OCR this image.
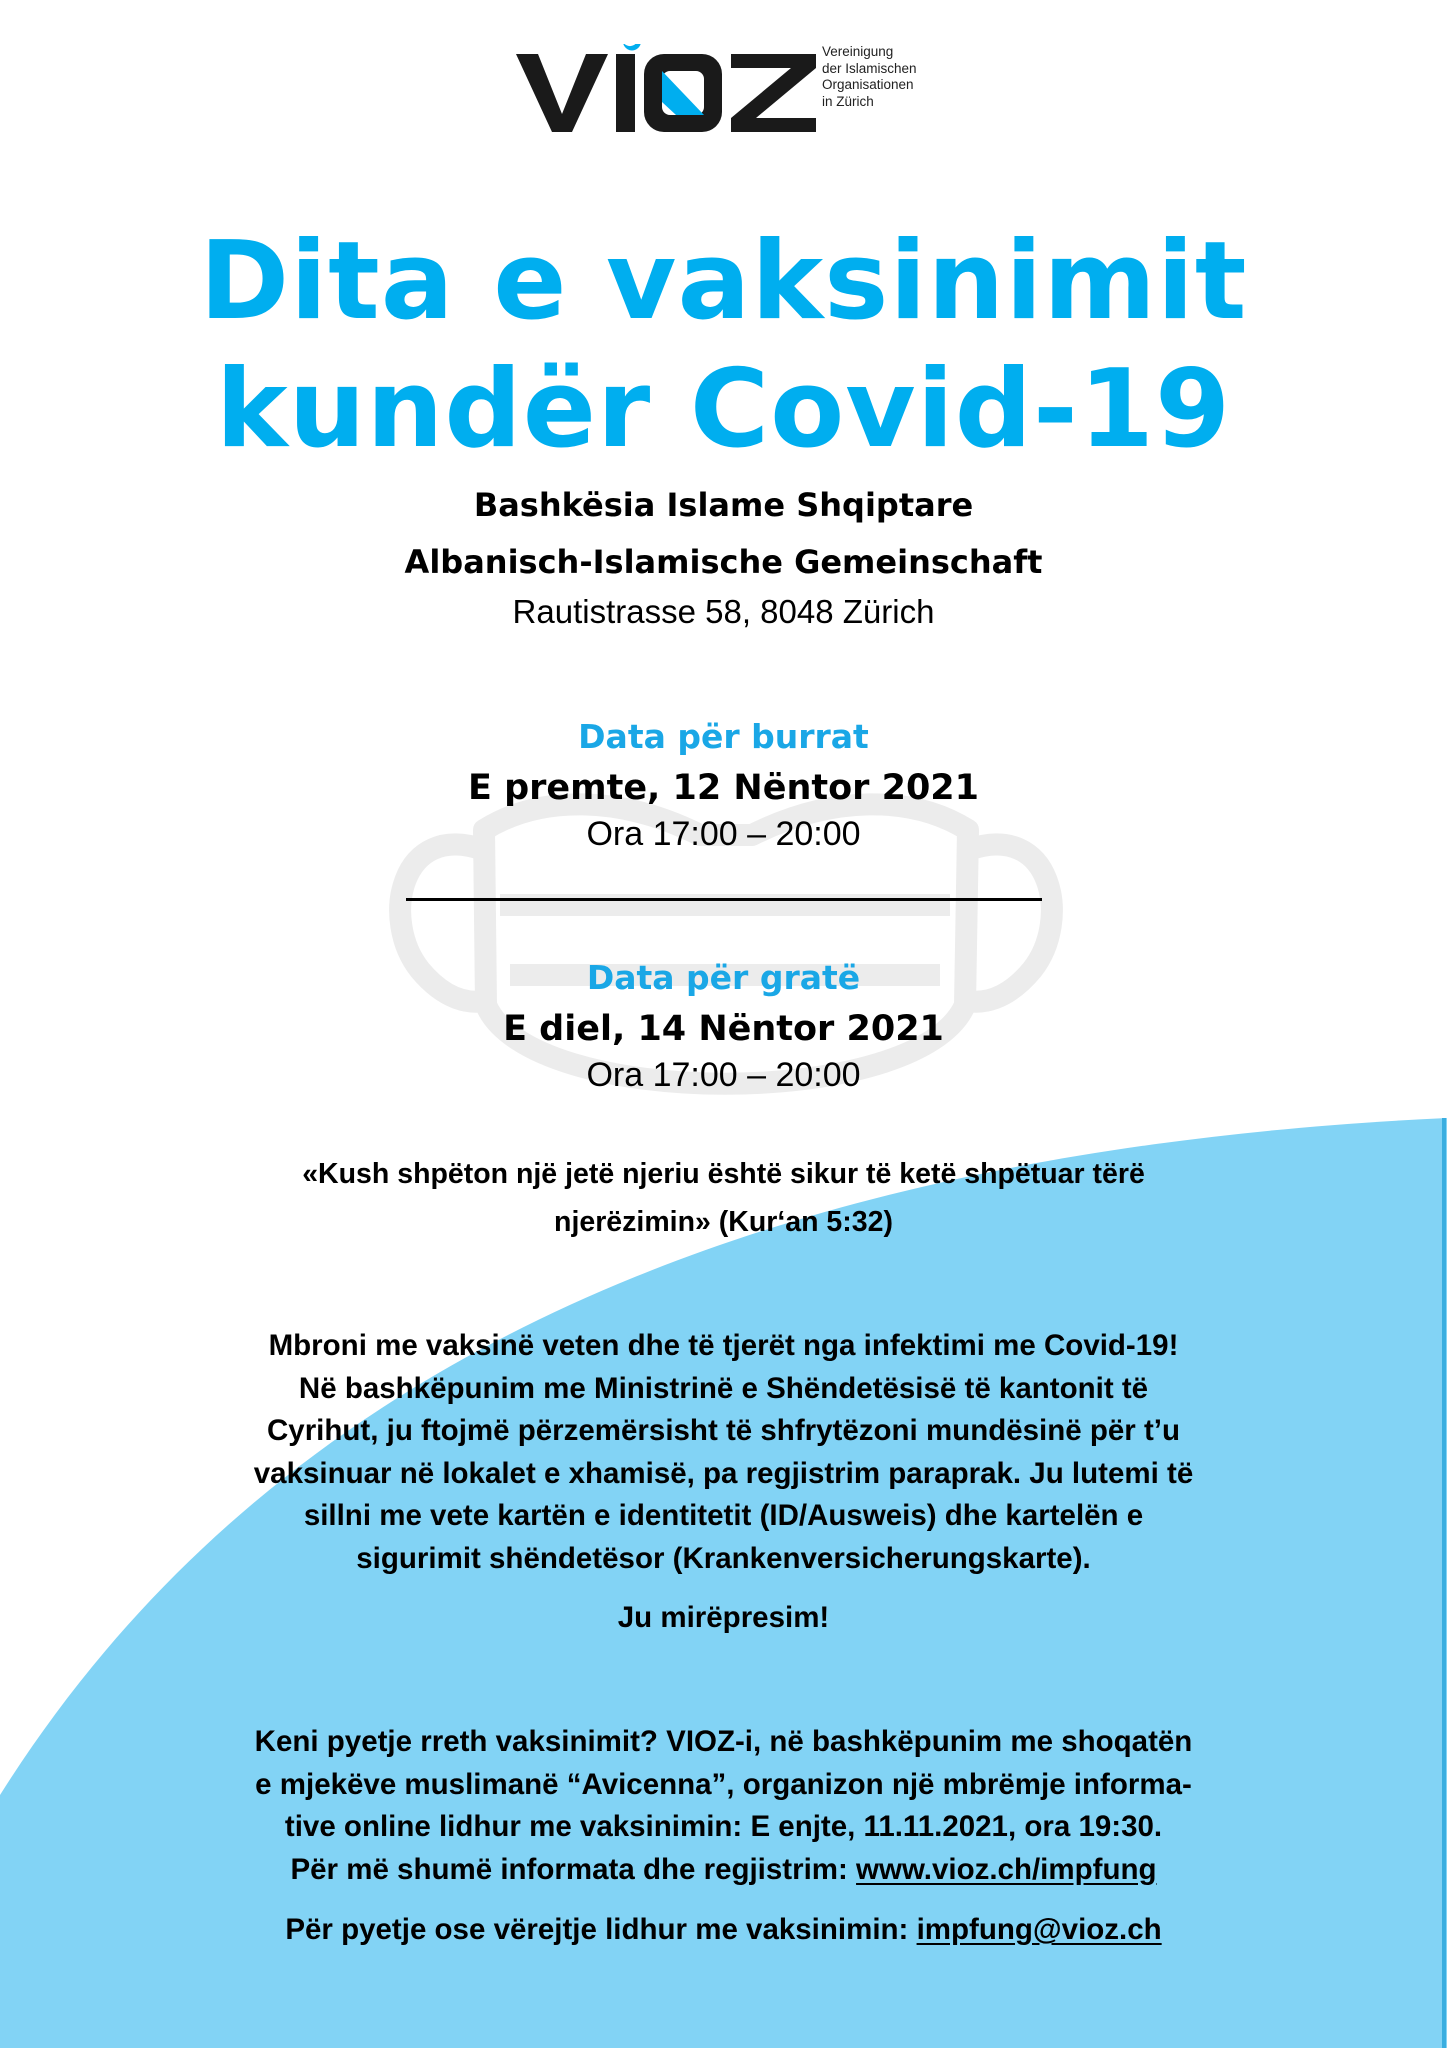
Vereinigung
der Islamischen
Organisationen
in Zürich
Dita e vaksinimit
kundër Covid-19
Bashkësia Islame Shqiptare
Albanisch-Islamische Gemeinschaft
Rautistrasse 58, 8048 Zürich
Data për burrat
E premte, 12 Nëntor 2021
Ora 17:00 – 20:00
Data për gratë
E diel, 14 Nëntor 2021
Ora 17:00 – 20:00
«Kush shpëton një jetë njeriu është sikur të ketë shpëtuar tërë
njerëzimin» (Kur‘an 5:32)
Mbroni me vaksinë veten dhe të tjerët nga infektimi me Covid-19!
Në bashkëpunim me Ministrinë e Shëndetësisë të kantonit të
Cyrihut, ju ftojmë përzemërsisht të shfrytëzoni mundësinë për t’u
vaksinuar në lokalet e xhamisë, pa regjistrim paraprak. Ju lutemi të
sillni me vete kartën e identitetit (ID/Ausweis) dhe kartelën e
sigurimit shëndetësor (Krankenversicherungskarte).
Ju mirëpresim!
Keni pyetje rreth vaksinimit? VIOZ-i, në bashkëpunim me shoqatën
e mjekëve muslimanë “Avicenna”, organizon një mbrëmje informa-
tive online lidhur me vaksinimin: E enjte, 11.11.2021, ora 19:30.
Për më shumë informata dhe regjistrim: www.vioz.ch/impfung
Për pyetje ose vërejtje lidhur me vaksinimin: impfung@vioz.ch
